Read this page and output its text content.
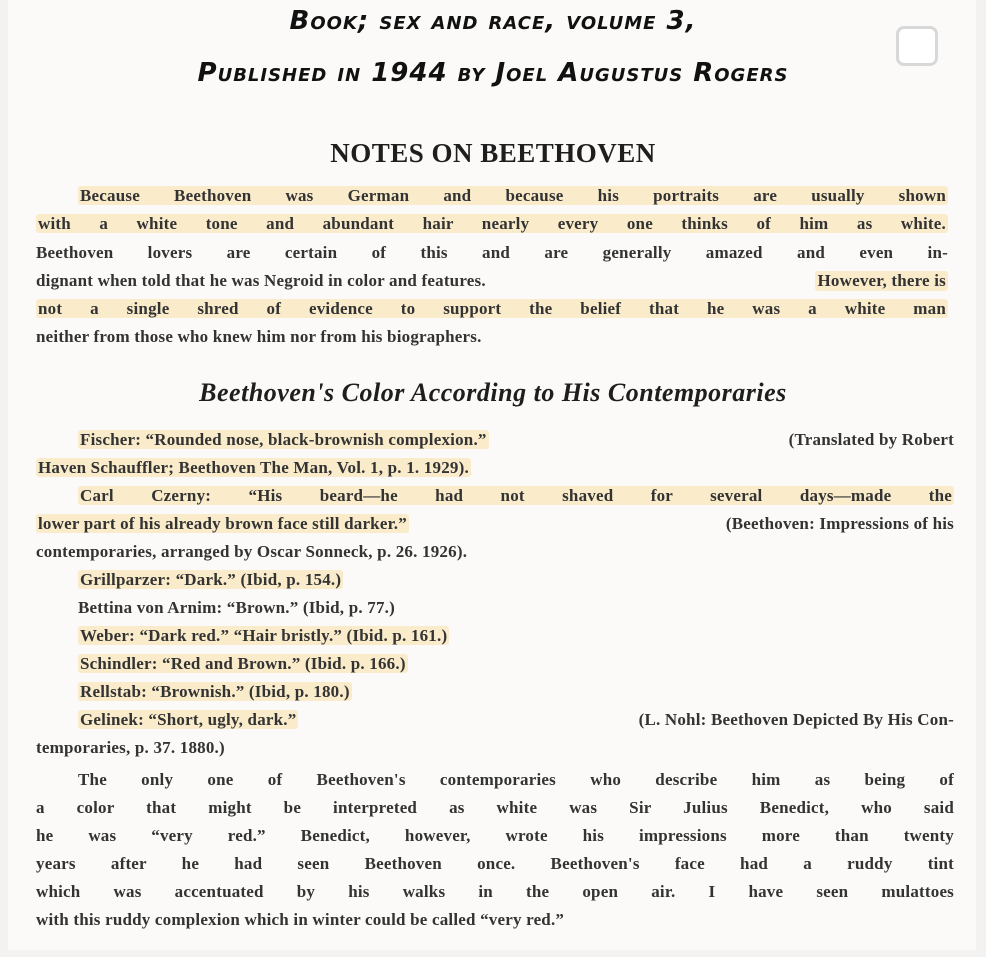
Book; sex and race, volume 3,
Published in 1944 by Joel Augustus Rogers
NOTES ON BEETHOVEN
Because Beethoven was German and because his portraits are usually shown
with a white tone and abundant hair nearly every one thinks of him as white.
Beethoven lovers are certain of this and are generally amazed and even in-
dignant when told that he was Negroid in color and features.	However, there is
not a single shred of evidence to support the belief that he was a white man
neither from those who knew him nor from his biographers.
Beethoven's Color According to His Contemporaries
Fischer: “Rounded nose, black-brownish complexion.”	(Translated by Robert
Haven Schauffler; Beethoven The Man, Vol. 1, p. 1. 1929).
Carl Czerny: “His beard—he had not shaved for several days—made the
lower part of his already brown face still darker.”	(Beethoven: Impressions of his
contemporaries, arranged by Oscar Sonneck, p. 26. 1926).
Grillparzer: “Dark.” (Ibid, p. 154.)
Bettina von Arnim: “Brown.” (Ibid, p. 77.)
Weber: “Dark red.” “Hair bristly.” (Ibid. p. 161.)
Schindler: “Red and Brown.” (Ibid. p. 166.)
Rellstab: “Brownish.” (Ibid, p. 180.)
Gelinek: “Short, ugly, dark.”	(L. Nohl: Beethoven Depicted By His Con-
temporaries, p. 37. 1880.)
The only one of Beethoven's contemporaries who describe him as being of
a color that might be interpreted as white was Sir Julius Benedict, who said
he was “very red.” Benedict, however, wrote his impressions more than twenty
years after he had seen Beethoven once. Beethoven's face had a ruddy tint
which was accentuated by his walks in the open air. I have seen mulattoes
with this ruddy complexion which in winter could be called “very red.”
